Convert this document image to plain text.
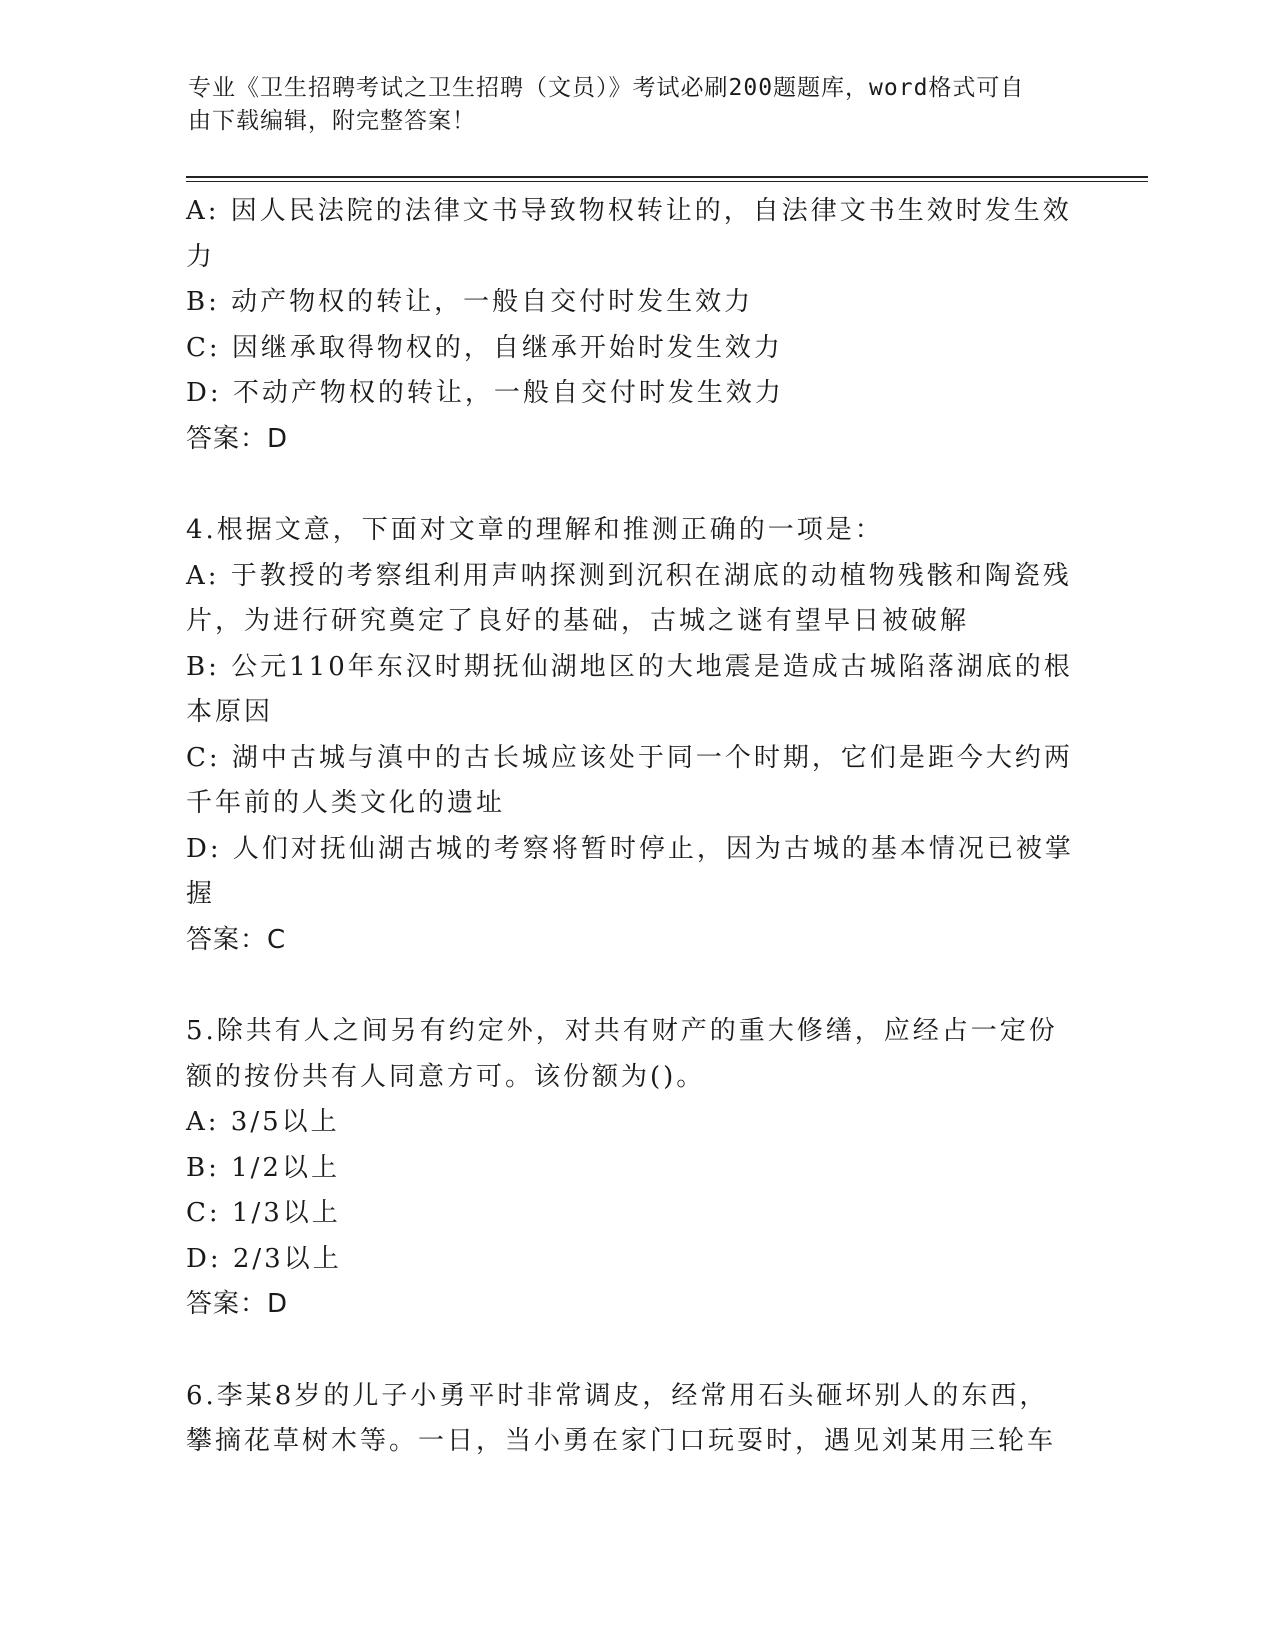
专业《卫生招聘考试之卫生招聘（文员）》考试必刷200题题库，word格式可自
由下载编辑，附完整答案！
A: 因人民法院的法律文书导致物权转让的，自法律文书生效时发生效
力
B: 动产物权的转让，一般自交付时发生效力
C: 因继承取得物权的，自继承开始时发生效力
D: 不动产物权的转让，一般自交付时发生效力
答案：D
4.根据文意，下面对文章的理解和推测正确的一项是：
A: 于教授的考察组利用声呐探测到沉积在湖底的动植物残骸和陶瓷残
片，为进行研究奠定了良好的基础，古城之谜有望早日被破解
B: 公元110年东汉时期抚仙湖地区的大地震是造成古城陷落湖底的根
本原因
C: 湖中古城与滇中的古长城应该处于同一个时期，它们是距今大约两
千年前的人类文化的遗址
D: 人们对抚仙湖古城的考察将暂时停止，因为古城的基本情况已被掌
握
答案：C
5.除共有人之间另有约定外，对共有财产的重大修缮，应经占一定份
额的按份共有人同意方可。该份额为()。
A: 3/5以上
B: 1/2以上
C: 1/3以上
D: 2/3以上
答案：D
6.李某8岁的儿子小勇平时非常调皮，经常用石头砸坏别人的东西，
攀摘花草树木等。一日，当小勇在家门口玩耍时，遇见刘某用三轮车
